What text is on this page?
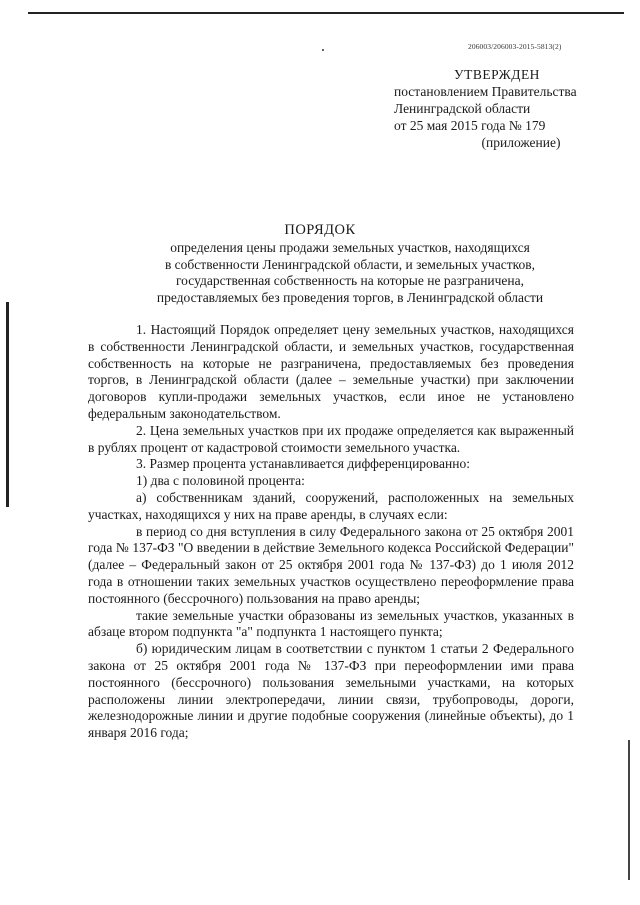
206003/206003-2015-5813(2)
УТВЕРЖДЕН
постановлением Правительства
Ленинградской области
от 25 мая 2015 года № 179
(приложение)
ПОРЯДОК
определения цены продажи земельных участков, находящихся
в собственности Ленинградской области, и земельных участков,
государственная собственность на которые не разграничена,
предоставляемых без проведения торгов, в Ленинградской области

1. Настоящий Порядок определяет цену земельных участков, находящихся в собственности Ленинградской области, и земельных участков, государственная собственность на которые не разграничена, предоставляемых без проведения торгов, в Ленинградской области (далее – земельные участки) при заключении договоров купли-продажи земельных участков, если иное не установлено федеральным законодательством.

2. Цена земельных участков при их продаже определяется как выраженный в рублях процент от кадастровой стоимости земельного участка.

3. Размер процента устанавливается дифференцированно:

1) два с половиной процента:

а) собственникам зданий, сооружений, расположенных на земельных участках, находящихся у них на праве аренды, в случаях если:

в период со дня вступления в силу Федерального закона от 25 октября 2001 года № 137-ФЗ "О введении в действие Земельного кодекса Российской Федерации" (далее – Федеральный закон от 25 октября 2001 года № 137-ФЗ) до 1 июля 2012 года в отношении таких земельных участков осуществлено переоформление права постоянного (бессрочного) пользования на право аренды;

такие земельные участки образованы из земельных участков, указанных в абзаце втором подпункта "а" подпункта 1 настоящего пункта;

б) юридическим лицам в соответствии с пунктом 1 статьи 2 Федерального закона от 25 октября 2001 года № 137-ФЗ при переоформлении ими права постоянного (бессрочного) пользования земельными участками, на которых расположены линии электропередачи, линии связи, трубопроводы, дороги, железнодорожные линии и другие подобные сооружения (линейные объекты), до 1 января 2016 года;
